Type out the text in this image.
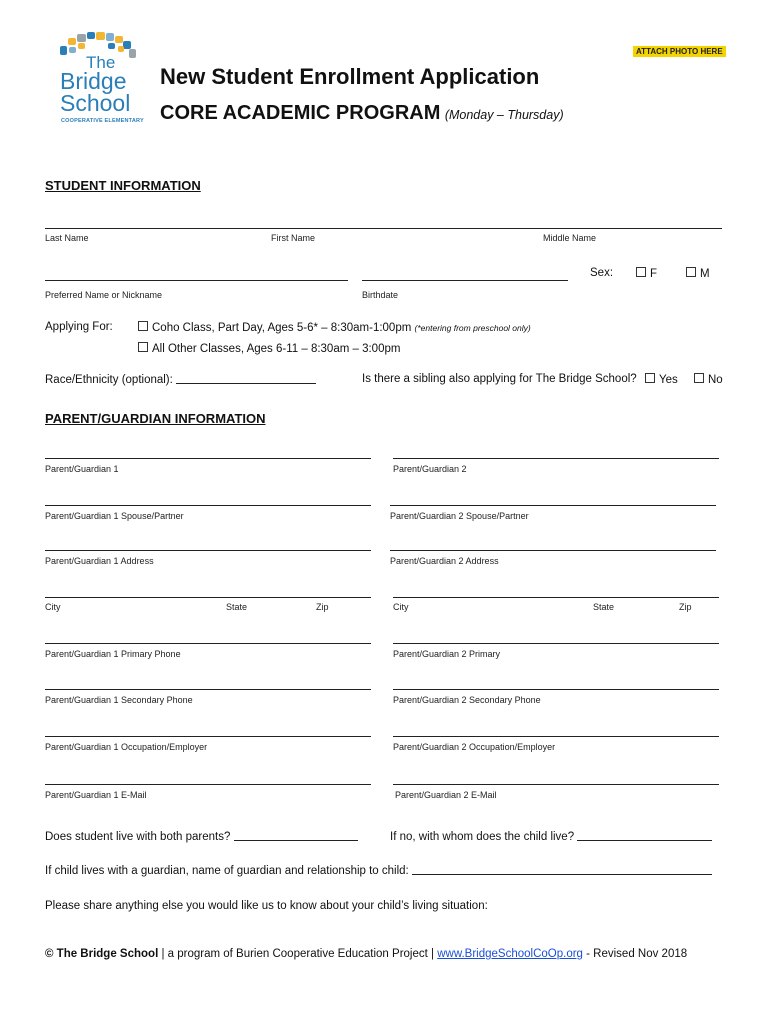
The
Bridge
School
COOPERATIVE ELEMENTARY
ATTACH PHOTO HERE
New Student Enrollment Application
CORE ACADEMIC PROGRAM (Monday – Thursday)
STUDENT INFORMATION
Last Name	First Name	Middle Name
Sex:	F	M
Preferred Name or Nickname	Birthdate
Applying For:	Coho Class, Part Day, Ages 5-6* – 8:30am-1:00pm (*entering from preschool only)
All Other Classes, Ages 6-11 – 8:30am – 3:00pm
Race/Ethnicity (optional):	Is there a sibling also applying for The Bridge School?	Yes	No
PARENT/GUARDIAN INFORMATION
Parent/Guardian 1	Parent/Guardian 2
Parent/Guardian 1 Spouse/Partner	Parent/Guardian 2 Spouse/Partner
Parent/Guardian 1 Address	Parent/Guardian 2 Address
City	State	Zip	City	State	Zip
Parent/Guardian 1 Primary Phone	Parent/Guardian 2 Primary
Parent/Guardian 1 Secondary Phone	Parent/Guardian 2 Secondary Phone
Parent/Guardian 1 Occupation/Employer	Parent/Guardian 2 Occupation/Employer
Parent/Guardian 1 E-Mail	Parent/Guardian 2 E-Mail
Does student live with both parents?	If no, with whom does the child live?
If child lives with a guardian, name of guardian and relationship to child:
Please share anything else you would like us to know about your child’s living situation:
© The Bridge School | a program of Burien Cooperative Education Project | www.BridgeSchoolCoOp.org - Revised Nov 2018
